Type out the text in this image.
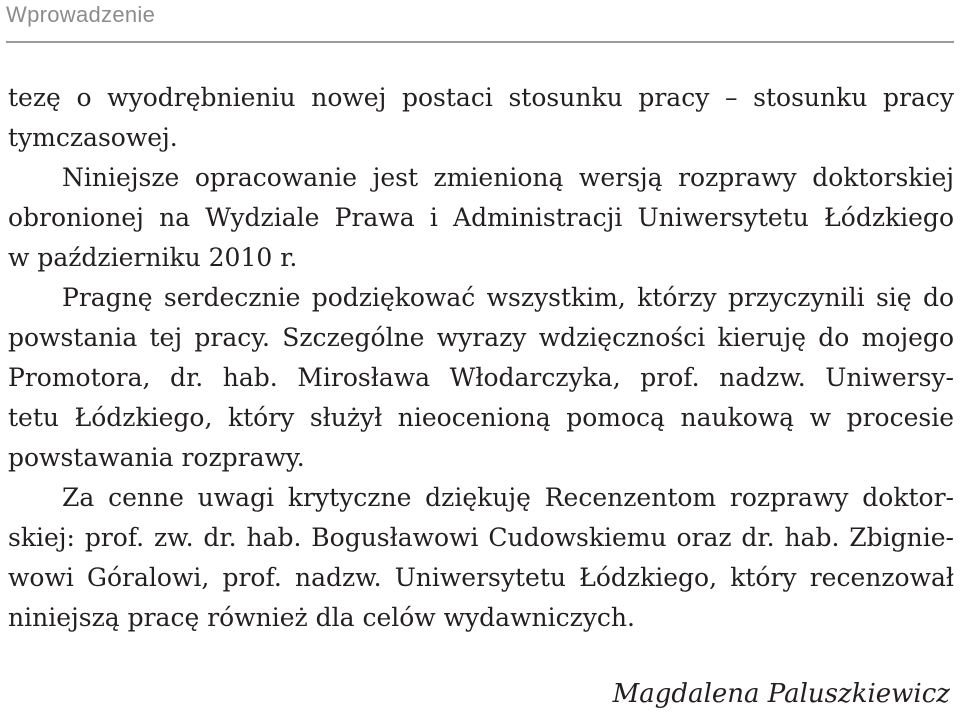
Wprowadzenie
tezę o wyodrębnieniu nowej postaci stosunku pracy – stosunku pracy
tymczasowej.
Niniejsze opracowanie jest zmienioną wersją rozprawy doktorskiej
obronionej na Wydziale Prawa i Administracji Uniwersytetu Łódzkiego
w październiku 2010 r.
Pragnę serdecznie podziękować wszystkim, którzy przyczynili się do
powstania tej pracy. Szczególne wyrazy wdzięczności kieruję do mojego
Promotora, dr. hab. Mirosława Włodarczyka, prof. nadzw. Uniwersy-
tetu Łódzkiego, który służył nieocenioną pomocą naukową w procesie
powstawania rozprawy.
Za cenne uwagi krytyczne dziękuję Recenzentom rozprawy doktor-
skiej: prof. zw. dr. hab. Bogusławowi Cudowskiemu oraz dr. hab. Zbignie-
wowi Góralowi, prof. nadzw. Uniwersytetu Łódzkiego, który recenzował
niniejszą pracę również dla celów wydawniczych.
Magdalena Paluszkiewicz
